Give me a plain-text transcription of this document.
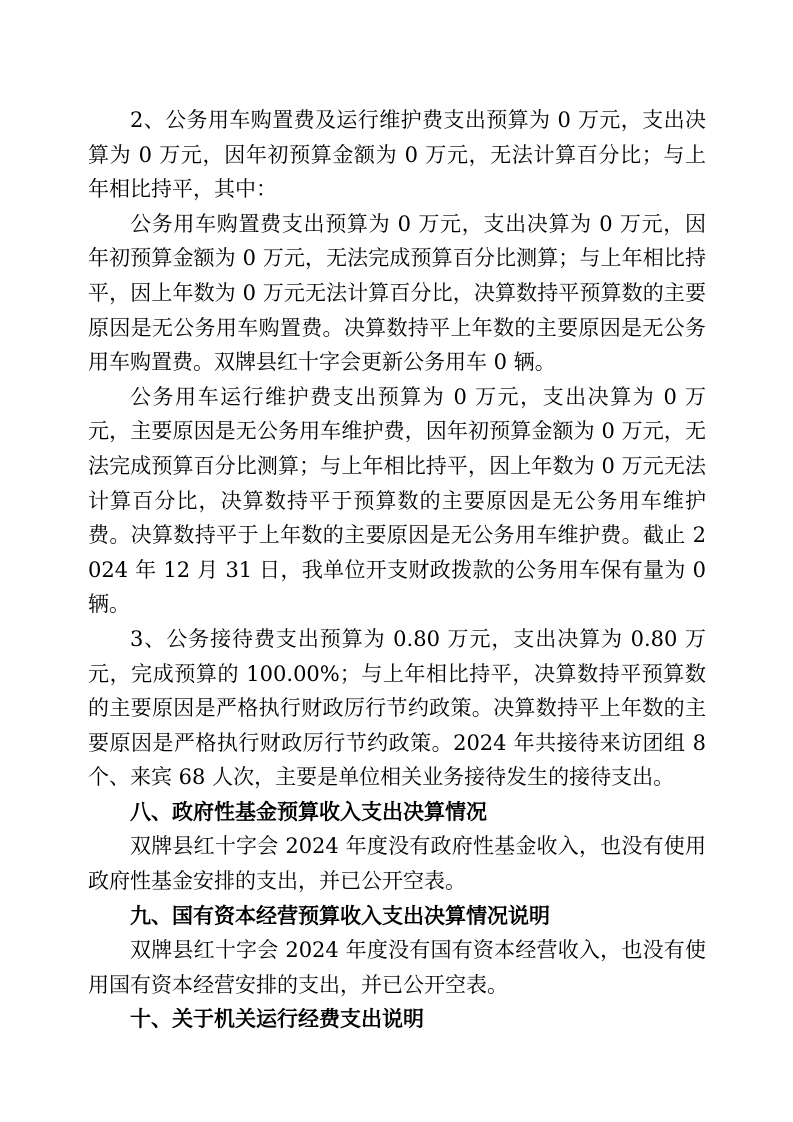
2、公务用车购置费及运行维护费支出预算为 0 万元，支出决算为 0 万元，因年初预算金额为 0 万元，无法计算百分比；与上年相比持平，其中：

公务用车购置费支出预算为 0 万元，支出决算为 0 万元，因年初预算金额为 0 万元，无法完成预算百分比测算；与上年相比持平，因上年数为 0 万元无法计算百分比，决算数持平预算数的主要原因是无公务用车购置费。决算数持平上年数的主要原因是无公务用车购置费。双牌县红十字会更新公务用车 0 辆。

公务用车运行维护费支出预算为 0 万元，支出决算为 0 万元，主要原因是无公务用车维护费，因年初预算金额为 0 万元，无法完成预算百分比测算；与上年相比持平，因上年数为 0 万元无法计算百分比，决算数持平于预算数的主要原因是无公务用车维护费。决算数持平于上年数的主要原因是无公务用车维护费。截止 2024 年 12 月 31 日，我单位开支财政拨款的公务用车保有量为 0 辆。

3、公务接待费支出预算为 0.80 万元，支出决算为 0.80 万元，完成预算的 100.00%；与上年相比持平，决算数持平预算数的主要原因是严格执行财政厉行节约政策。决算数持平上年数的主要原因是严格执行财政厉行节约政策。2024 年共接待来访团组 8 个、来宾 68 人次，主要是单位相关业务接待发生的接待支出。

八、政府性基金预算收入支出决算情况

双牌县红十字会 2024 年度没有政府性基金收入，也没有使用政府性基金安排的支出，并已公开空表。

九、国有资本经营预算收入支出决算情况说明

双牌县红十字会 2024 年度没有国有资本经营收入，也没有使用国有资本经营安排的支出，并已公开空表。

十、关于机关运行经费支出说明
